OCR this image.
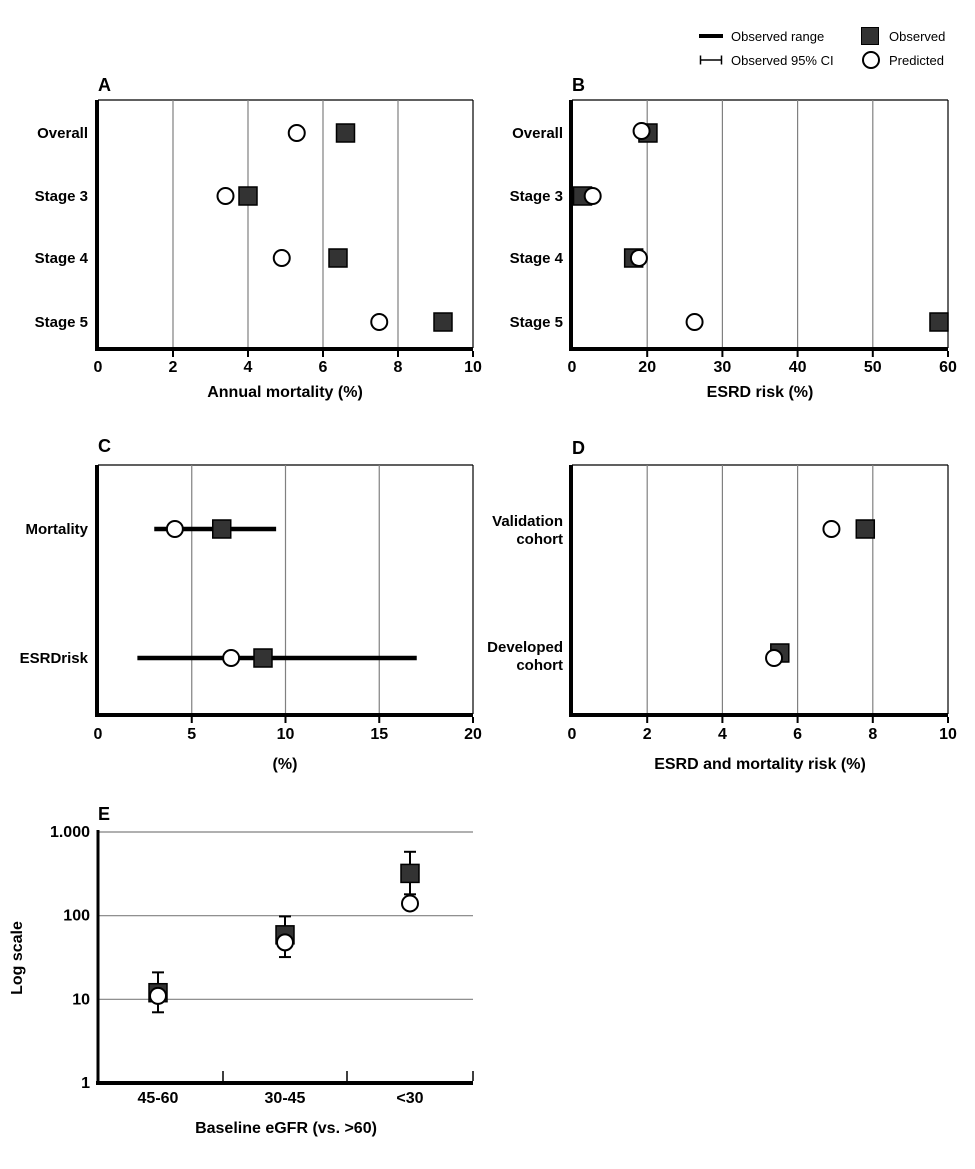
Observed range	Observed
Observed 95% CI	Predicted
0	2	4	6	8	10
Overall
Stage 3
Stage 4
Stage 5
Annual mortality (%)
A
0	20	30	40	50	60
Overall
Stage 3
Stage 4
Stage 5
ESRD risk (%)
B
0	5	10	15	20
Mortality
ESRDrisk
(%)
C
0	2	4	6	8	10
Validation
cohort
Developed
cohort
ESRD and mortality risk (%)
D
1.000
100
10
1
Log scale
45-60	30-45	<30
Baseline eGFR (vs. >60)
E
